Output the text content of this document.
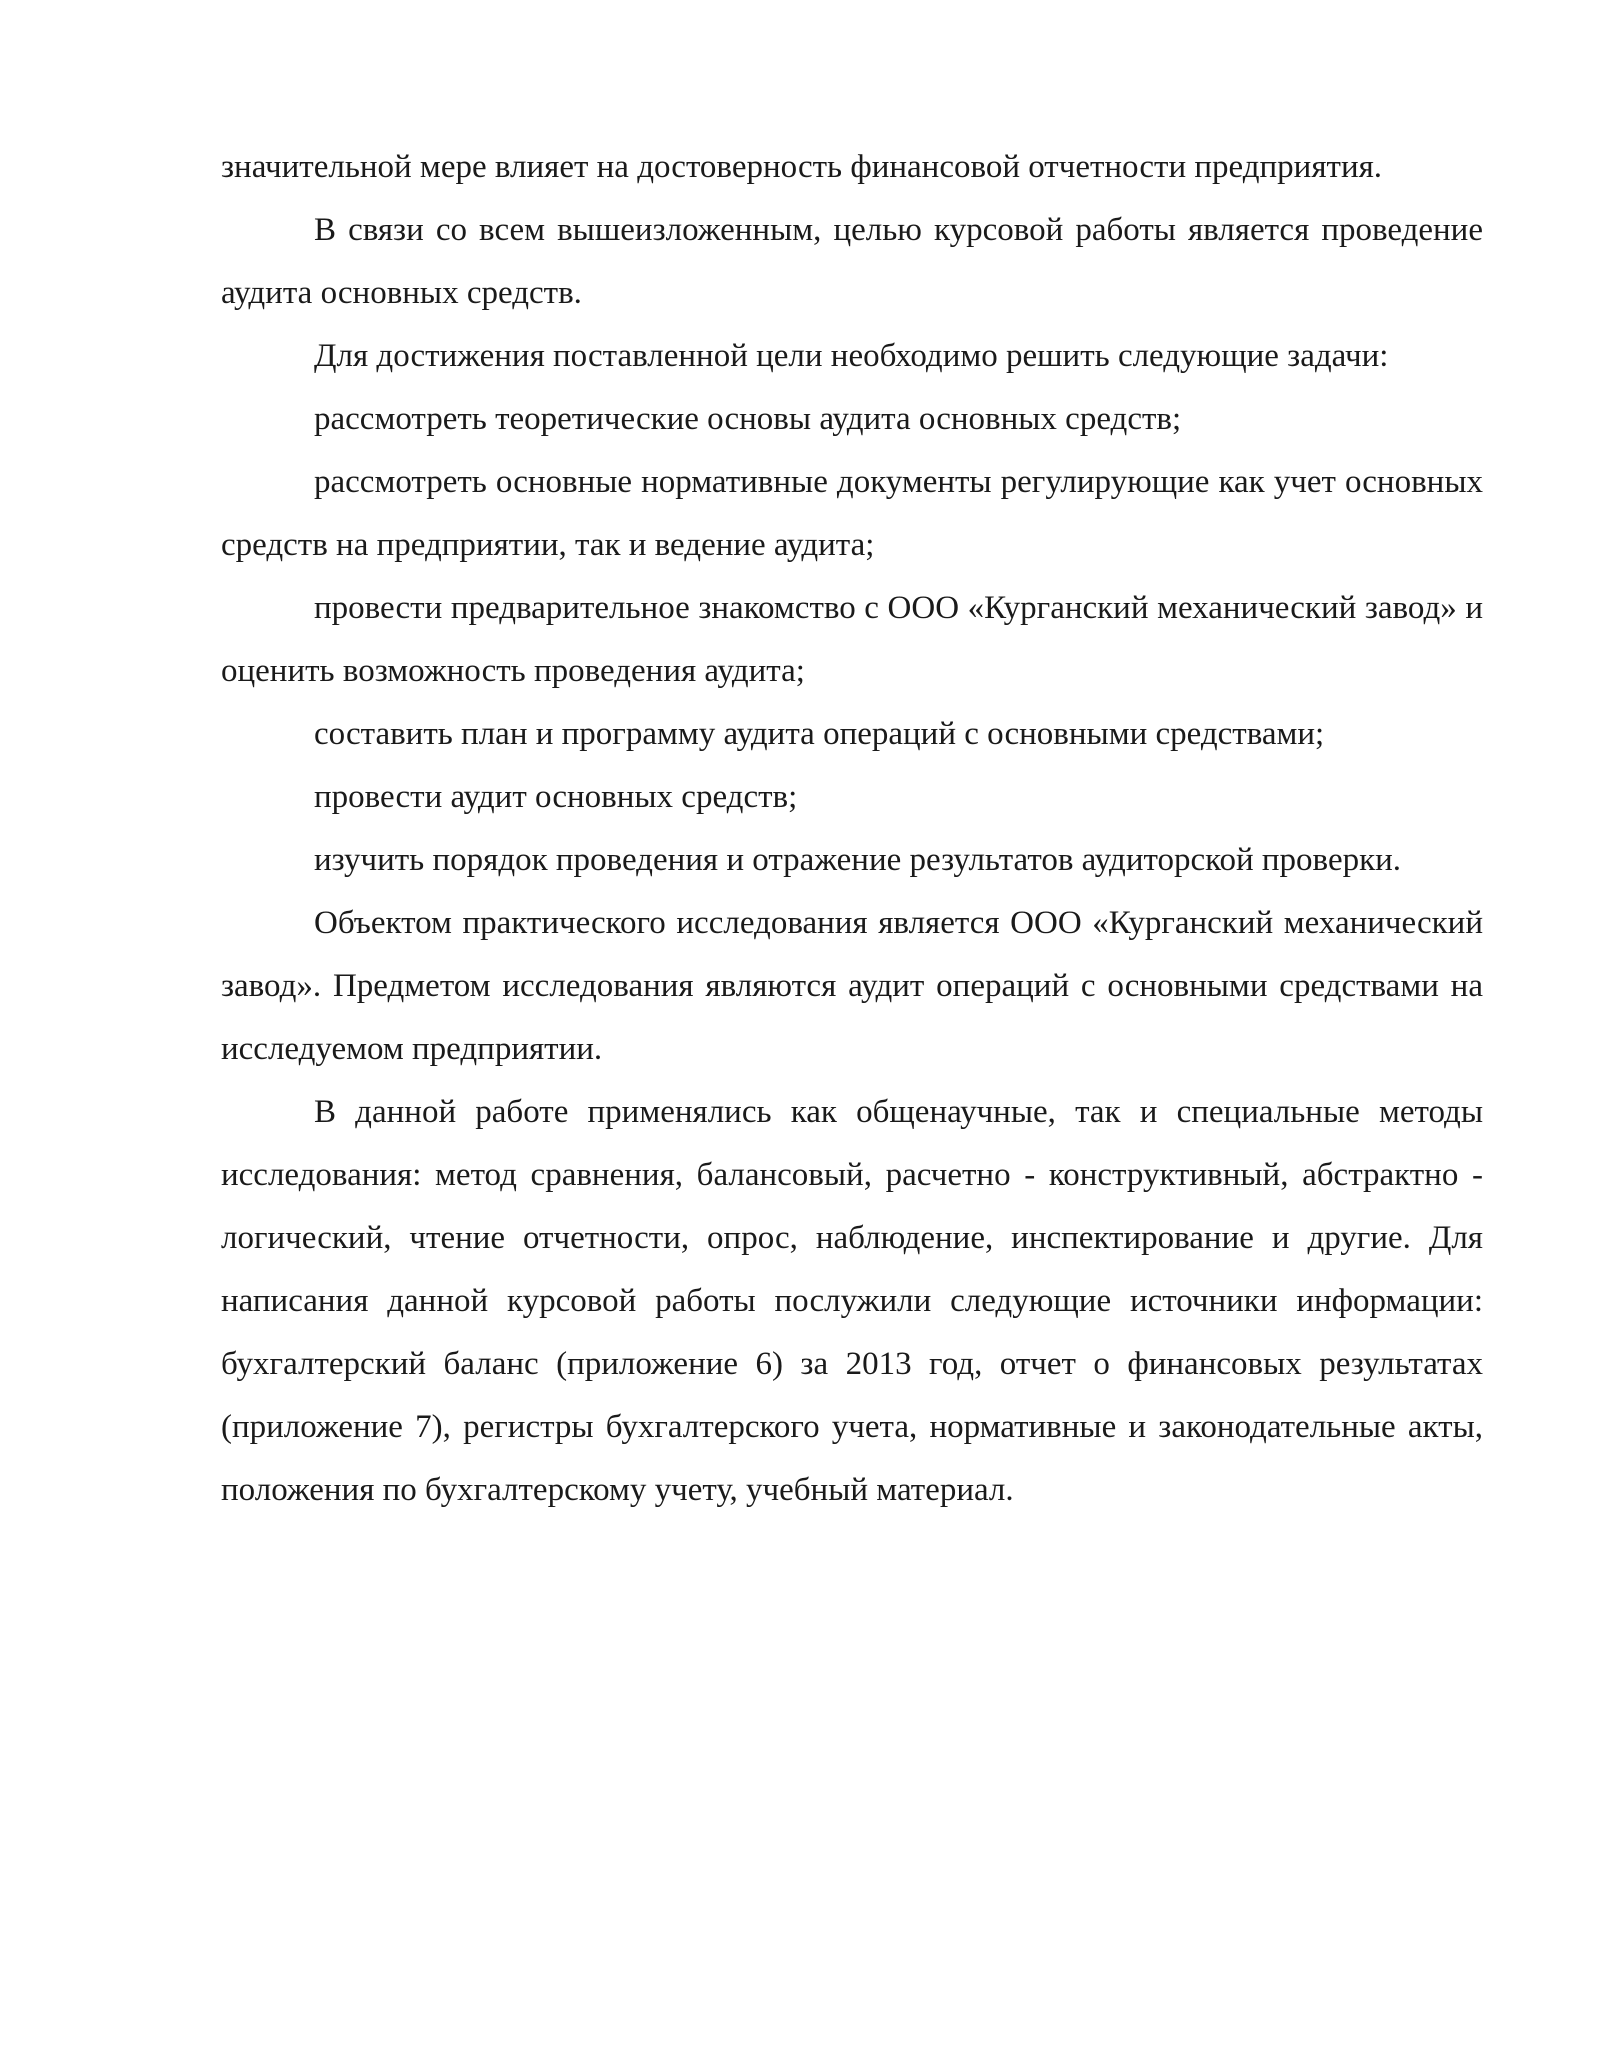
значительной мере влияет на достоверность финансовой отчетности предприятия.

В связи со всем вышеизложенным, целью курсовой работы является проведение аудита основных средств.

Для достижения поставленной цели необходимо решить следующие задачи:

рассмотреть теоретические основы аудита основных средств;

рассмотреть основные нормативные документы регулирующие как учет основных средств на предприятии, так и ведение аудита;

провести предварительное знакомство с ООО «Курганский механический завод» и оценить возможность проведения аудита;

составить план и программу аудита операций с основными средствами;

провести аудит основных средств;

изучить порядок проведения и отражение результатов аудиторской проверки.

Объектом практического исследования является ООО «Курганский механический завод». Предметом исследования являются аудит операций с основными средствами на исследуемом предприятии.

В данной работе применялись как общенаучные, так и специальные методы исследования: метод сравнения, балансовый, расчетно - конструктивный, абстрактно - логический, чтение отчетности, опрос, наблюдение, инспектирование и другие. Для написания данной курсовой работы послужили следующие источники информации: бухгалтерский баланс (приложение 6) за 2013 год, отчет о финансовых результатах (приложение 7), регистры бухгалтерского учета, нормативные и законодательные акты, положения по бухгалтерскому учету, учебный материал.
